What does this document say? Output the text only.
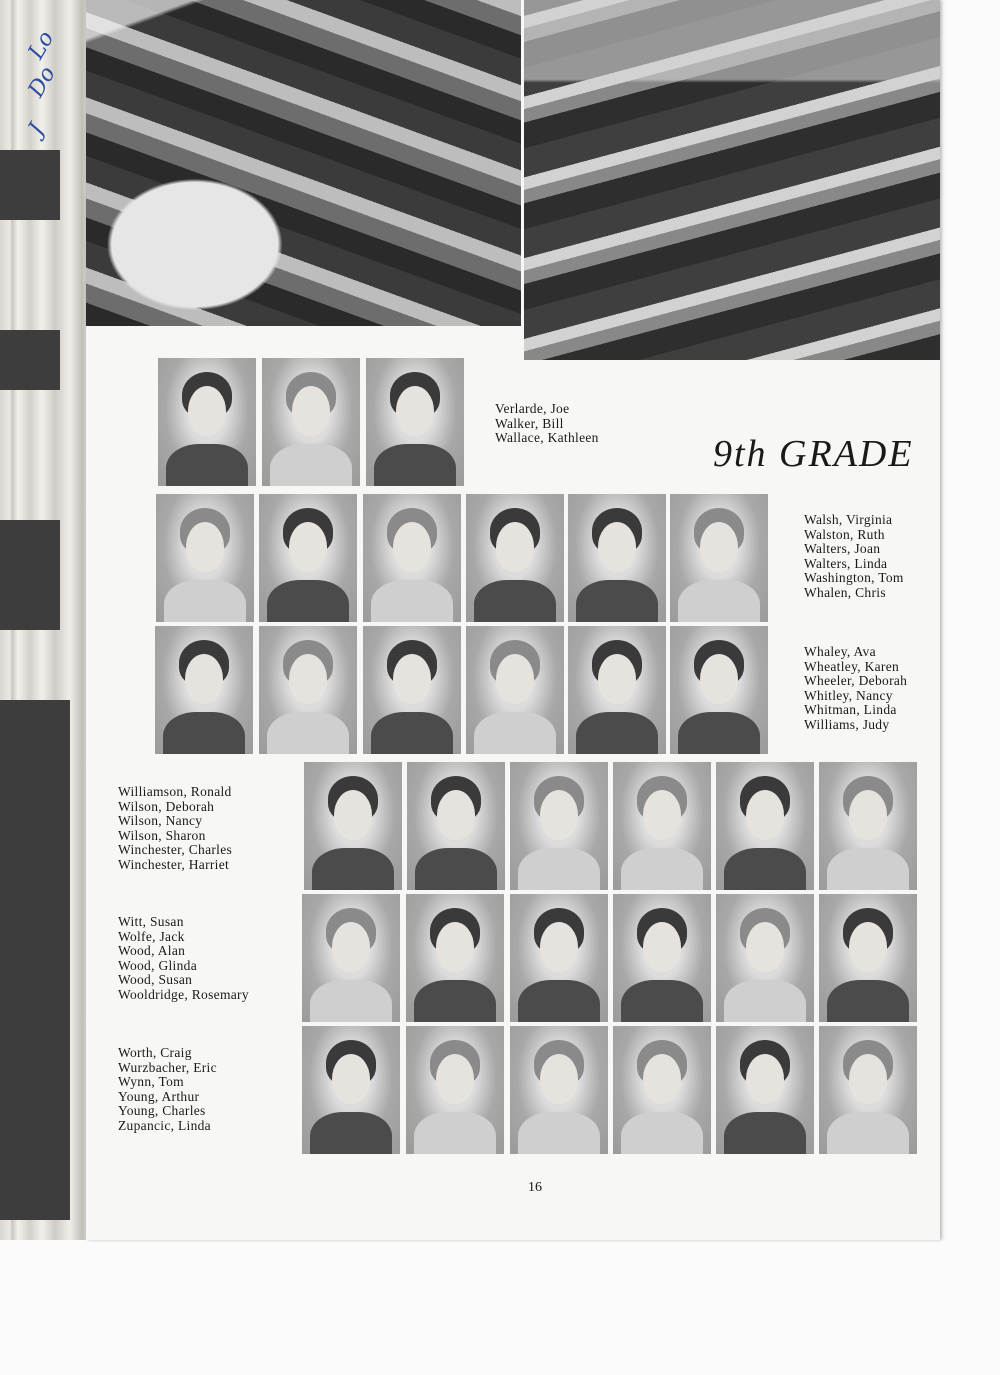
Lo
Do
J
Verlarde, Joe
Walker, Bill
Wallace, Kathleen	9th GRADE
Walsh, Virginia
Walston, Ruth
Walters, Joan
Walters, Linda
Washington, Tom
Whalen, Chris
Whaley, Ava
Wheatley, Karen
Wheeler, Deborah
Whitley, Nancy
Whitman, Linda
Williams, Judy
Williamson, Ronald
Wilson, Deborah
Wilson, Nancy
Wilson, Sharon
Winchester, Charles
Winchester, Harriet
Witt, Susan
Wolfe, Jack
Wood, Alan
Wood, Glinda
Wood, Susan
Wooldridge, Rosemary
Worth, Craig
Wurzbacher, Eric
Wynn, Tom
Young, Arthur
Young, Charles
Zupancic, Linda
16
